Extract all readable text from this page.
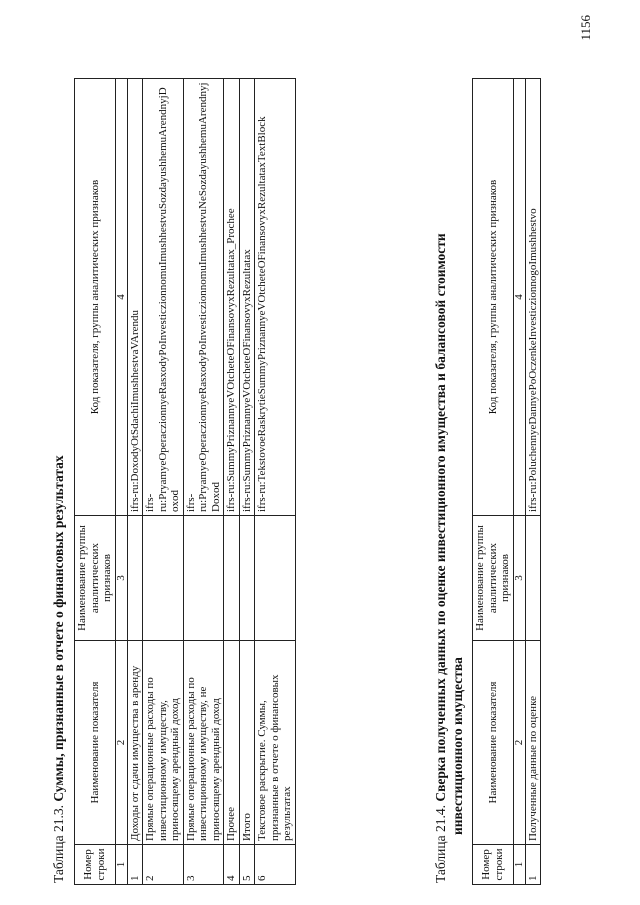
Таблица 21.3. Суммы, признанные в отчете о финансовых результатах
Номер строки	Наименование показателя	Наименование группы аналитических признаков	Код показателя, группы аналитических признаков
1	2	3	4
1	Доходы от сдачи имущества в аренду		ifrs-ru:DoxodyOtSdachiImushhestvaVArendu
2	Прямые операционные расходы по инвестиционному имуществу, приносящему арендный доход		ifrs-ru:PryamyeOperaczionnyeRasxodyPoInvesticzionnomuImushhestvuSozdayushhemuArendnyjDoxod
3	Прямые операционные расходы по инвестиционному имуществу, не приносящему арендный доход		ifrs-ru:PryamyeOperaczionnyeRasxodyPoInvesticzionnomuImushhestvuNeSozdayushhemuArendnyjDoxod
4	Прочее		ifrs-ru:SummyPriznannyeVOtcheteOFinansovyxRezultatax_Prochee
5	Итого		ifrs-ru:SummyPriznannyeVOtcheteOFinansovyxRezultatax
6	Текстовое раскрытие. Суммы, признанные в отчете о финансовых результатах		ifrs-ru:TekstovoeRaskrytieSummyPriznannyeVOtcheteOFinansovyxRezultataxTextBlock
Таблица 21.4. Сверка полученных данных по оценке инвестиционного имущества и балансовой стоимости инвестиционного имущества
Номер строки	Наименование показателя	Наименование группы аналитических признаков	Код показателя, группы аналитических признаков
1	2	3	4
1	Полученные данные по оценке		ifrs-ru:PoluchennyeDannyePoOczenkeInvesticzionnogoImushhestvo
1156
